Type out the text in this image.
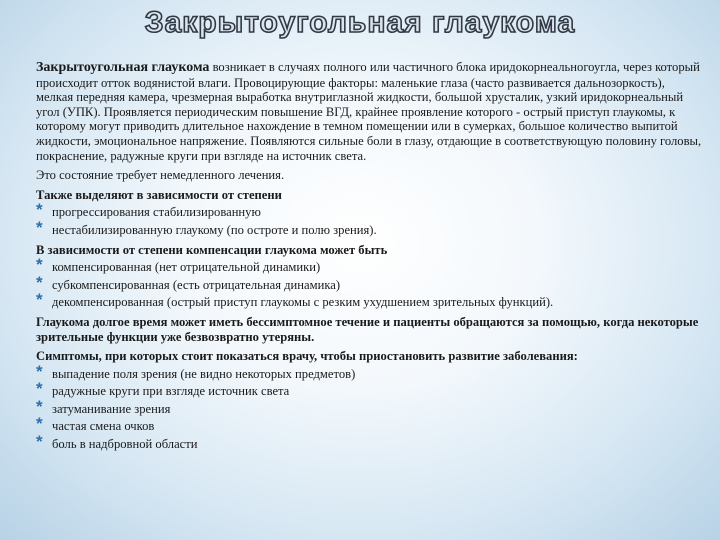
Закрытоугольная глаукома

Закрытоугольная глаукома возникает в случаях полного или частичного блока иридокорнеальногоугла, через который происходит отток водянистой влаги. Провоцирующие факторы: маленькие глаза (часто развивается дальнозоркость), мелкая передняя камера, чрезмерная выработка внутриглазной жидкости, большой хрусталик, узкий иридокорнеальный угол (УПК). Проявляется периодическим повышение ВГД, крайнее проявление которого - острый приступ глаукомы, к которому могут приводить длительное нахождение в темном помещении или в сумерках, большое количество выпитой жидкости, эмоциональное напряжение. Появляются сильные боли в глазу, отдающие в соответствующую половину головы, покраснение, радужные круги при взгляде на источник света.

Это состояние требует немедленного лечения.

Также выделяют в зависимости от степени

* прогрессирования стабилизированную
* нестабилизированную глаукому (по остроте и полю зрения).

В зависимости от степени компенсации глаукома может быть

* компенсированная (нет отрицательной динамики)
* субкомпенсированная (есть отрицательная динамика)
* декомпенсированная (острый приступ глаукомы с резким ухудшением зрительных функций).

Глаукома долгое время может иметь бессимптомное течение и пациенты обращаются за помощью, когда некоторые зрительные функции уже безвозвратно утеряны.

Симптомы, при которых стоит показаться врачу, чтобы приостановить развитие заболевания:

* выпадение поля зрения (не видно некоторых предметов)
* радужные круги при взгляде источник света
* затуманивание зрения
* частая смена очков
* боль в надбровной области
